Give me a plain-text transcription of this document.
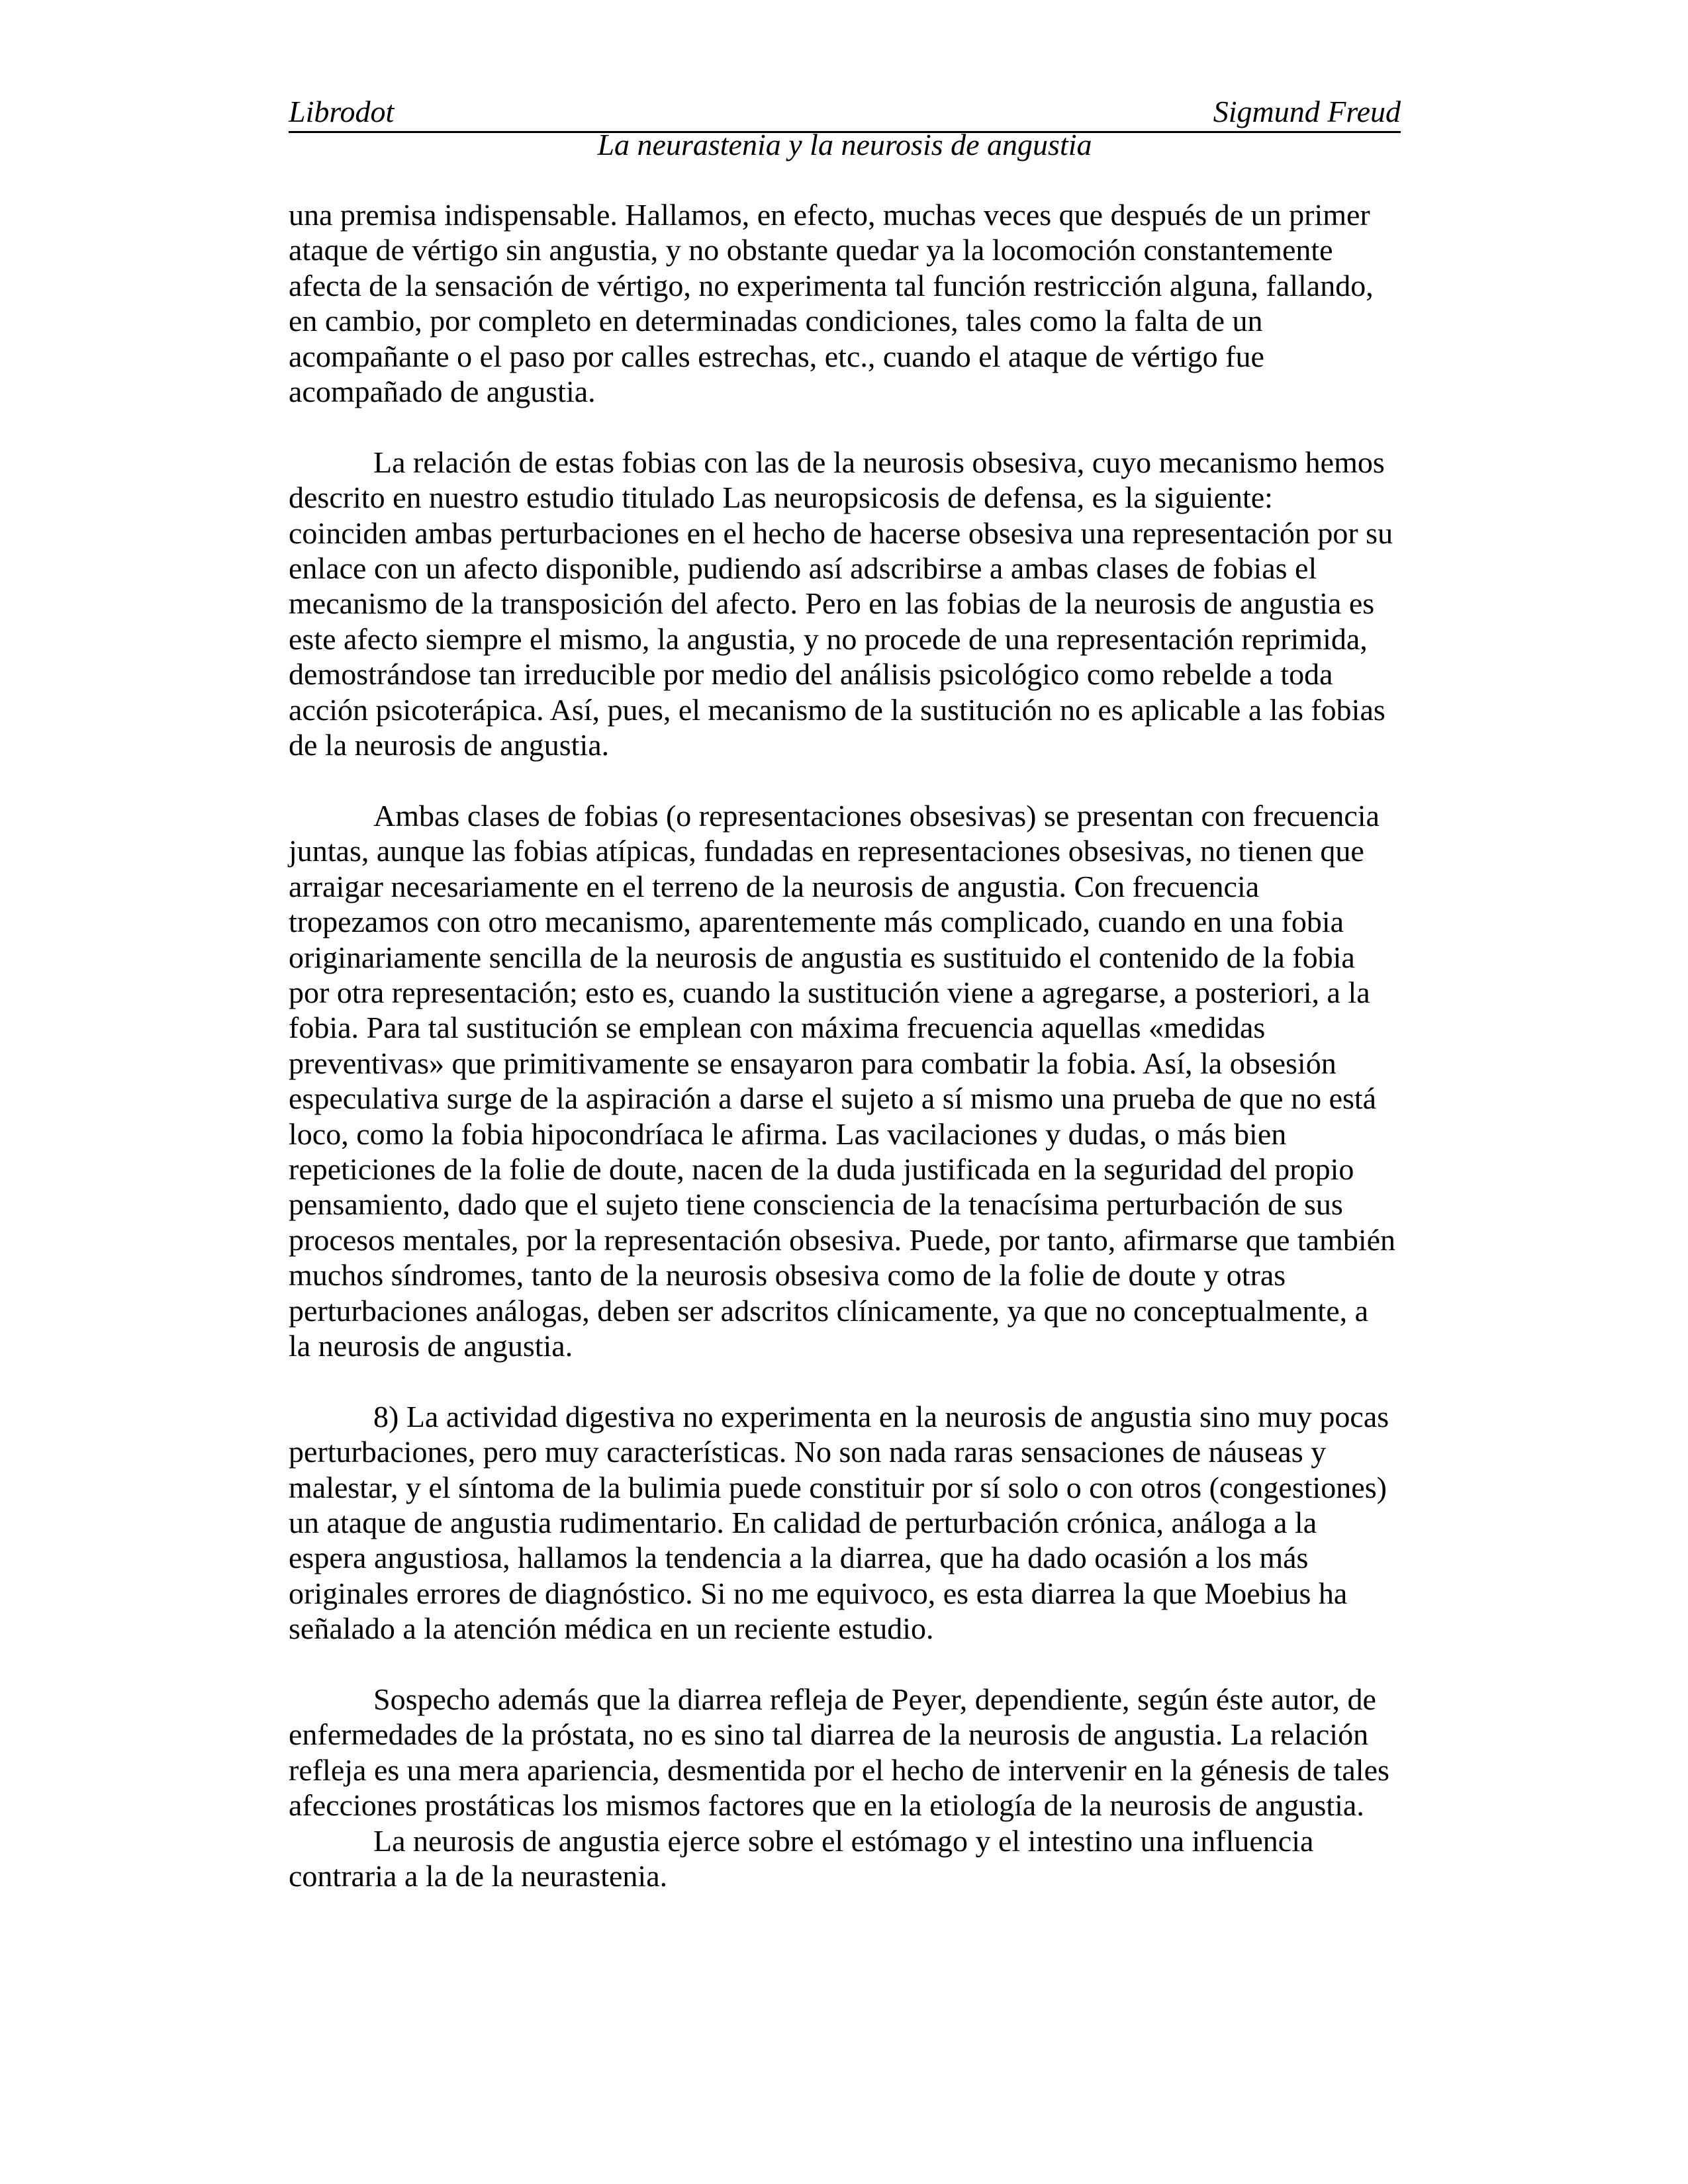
Librodot	Sigmund Freud
La neurastenia y la neurosis de angustia

una premisa indispensable. Hallamos, en efecto, muchas veces que después de un primer
ataque de vértigo sin angustia, y no obstante quedar ya la locomoción constantemente
afecta de la sensación de vértigo, no experimenta tal función restricción alguna, fallando,
en cambio, por completo en determinadas condiciones, tales como la falta de un
acompañante o el paso por calles estrechas, etc., cuando el ataque de vértigo fue
acompañado de angustia.

La relación de estas fobias con las de la neurosis obsesiva, cuyo mecanismo hemos
descrito en nuestro estudio titulado Las neuropsicosis de defensa, es la siguiente:
coinciden ambas perturbaciones en el hecho de hacerse obsesiva una representación por su
enlace con un afecto disponible, pudiendo así adscribirse a ambas clases de fobias el
mecanismo de la transposición del afecto. Pero en las fobias de la neurosis de angustia es
este afecto siempre el mismo, la angustia, y no procede de una representación reprimida,
demostrándose tan irreducible por medio del análisis psicológico como rebelde a toda
acción psicoterápica. Así, pues, el mecanismo de la sustitución no es aplicable a las fobias
de la neurosis de angustia.

Ambas clases de fobias (o representaciones obsesivas) se presentan con frecuencia
juntas, aunque las fobias atípicas, fundadas en representaciones obsesivas, no tienen que
arraigar necesariamente en el terreno de la neurosis de angustia. Con frecuencia
tropezamos con otro mecanismo, aparentemente más complicado, cuando en una fobia
originariamente sencilla de la neurosis de angustia es sustituido el contenido de la fobia
por otra representación; esto es, cuando la sustitución viene a agregarse, a posteriori, a la
fobia. Para tal sustitución se emplean con máxima frecuencia aquellas «medidas
preventivas» que primitivamente se ensayaron para combatir la fobia. Así, la obsesión
especulativa surge de la aspiración a darse el sujeto a sí mismo una prueba de que no está
loco, como la fobia hipocondríaca le afirma. Las vacilaciones y dudas, o más bien
repeticiones de la folie de doute, nacen de la duda justificada en la seguridad del propio
pensamiento, dado que el sujeto tiene consciencia de la tenacísima perturbación de sus
procesos mentales, por la representación obsesiva. Puede, por tanto, afirmarse que también
muchos síndromes, tanto de la neurosis obsesiva como de la folie de doute y otras
perturbaciones análogas, deben ser adscritos clínicamente, ya que no conceptualmente, a
la neurosis de angustia.

8) La actividad digestiva no experimenta en la neurosis de angustia sino muy pocas
perturbaciones, pero muy características. No son nada raras sensaciones de náuseas y
malestar, y el síntoma de la bulimia puede constituir por sí solo o con otros (congestiones)
un ataque de angustia rudimentario. En calidad de perturbación crónica, análoga a la
espera angustiosa, hallamos la tendencia a la diarrea, que ha dado ocasión a los más
originales errores de diagnóstico. Si no me equivoco, es esta diarrea la que Moebius ha
señalado a la atención médica en un reciente estudio.

Sospecho además que la diarrea refleja de Peyer, dependiente, según éste autor, de
enfermedades de la próstata, no es sino tal diarrea de la neurosis de angustia. La relación
refleja es una mera apariencia, desmentida por el hecho de intervenir en la génesis de tales
afecciones prostáticas los mismos factores que en la etiología de la neurosis de angustia.

La neurosis de angustia ejerce sobre el estómago y el intestino una influencia
contraria a la de la neurastenia.
